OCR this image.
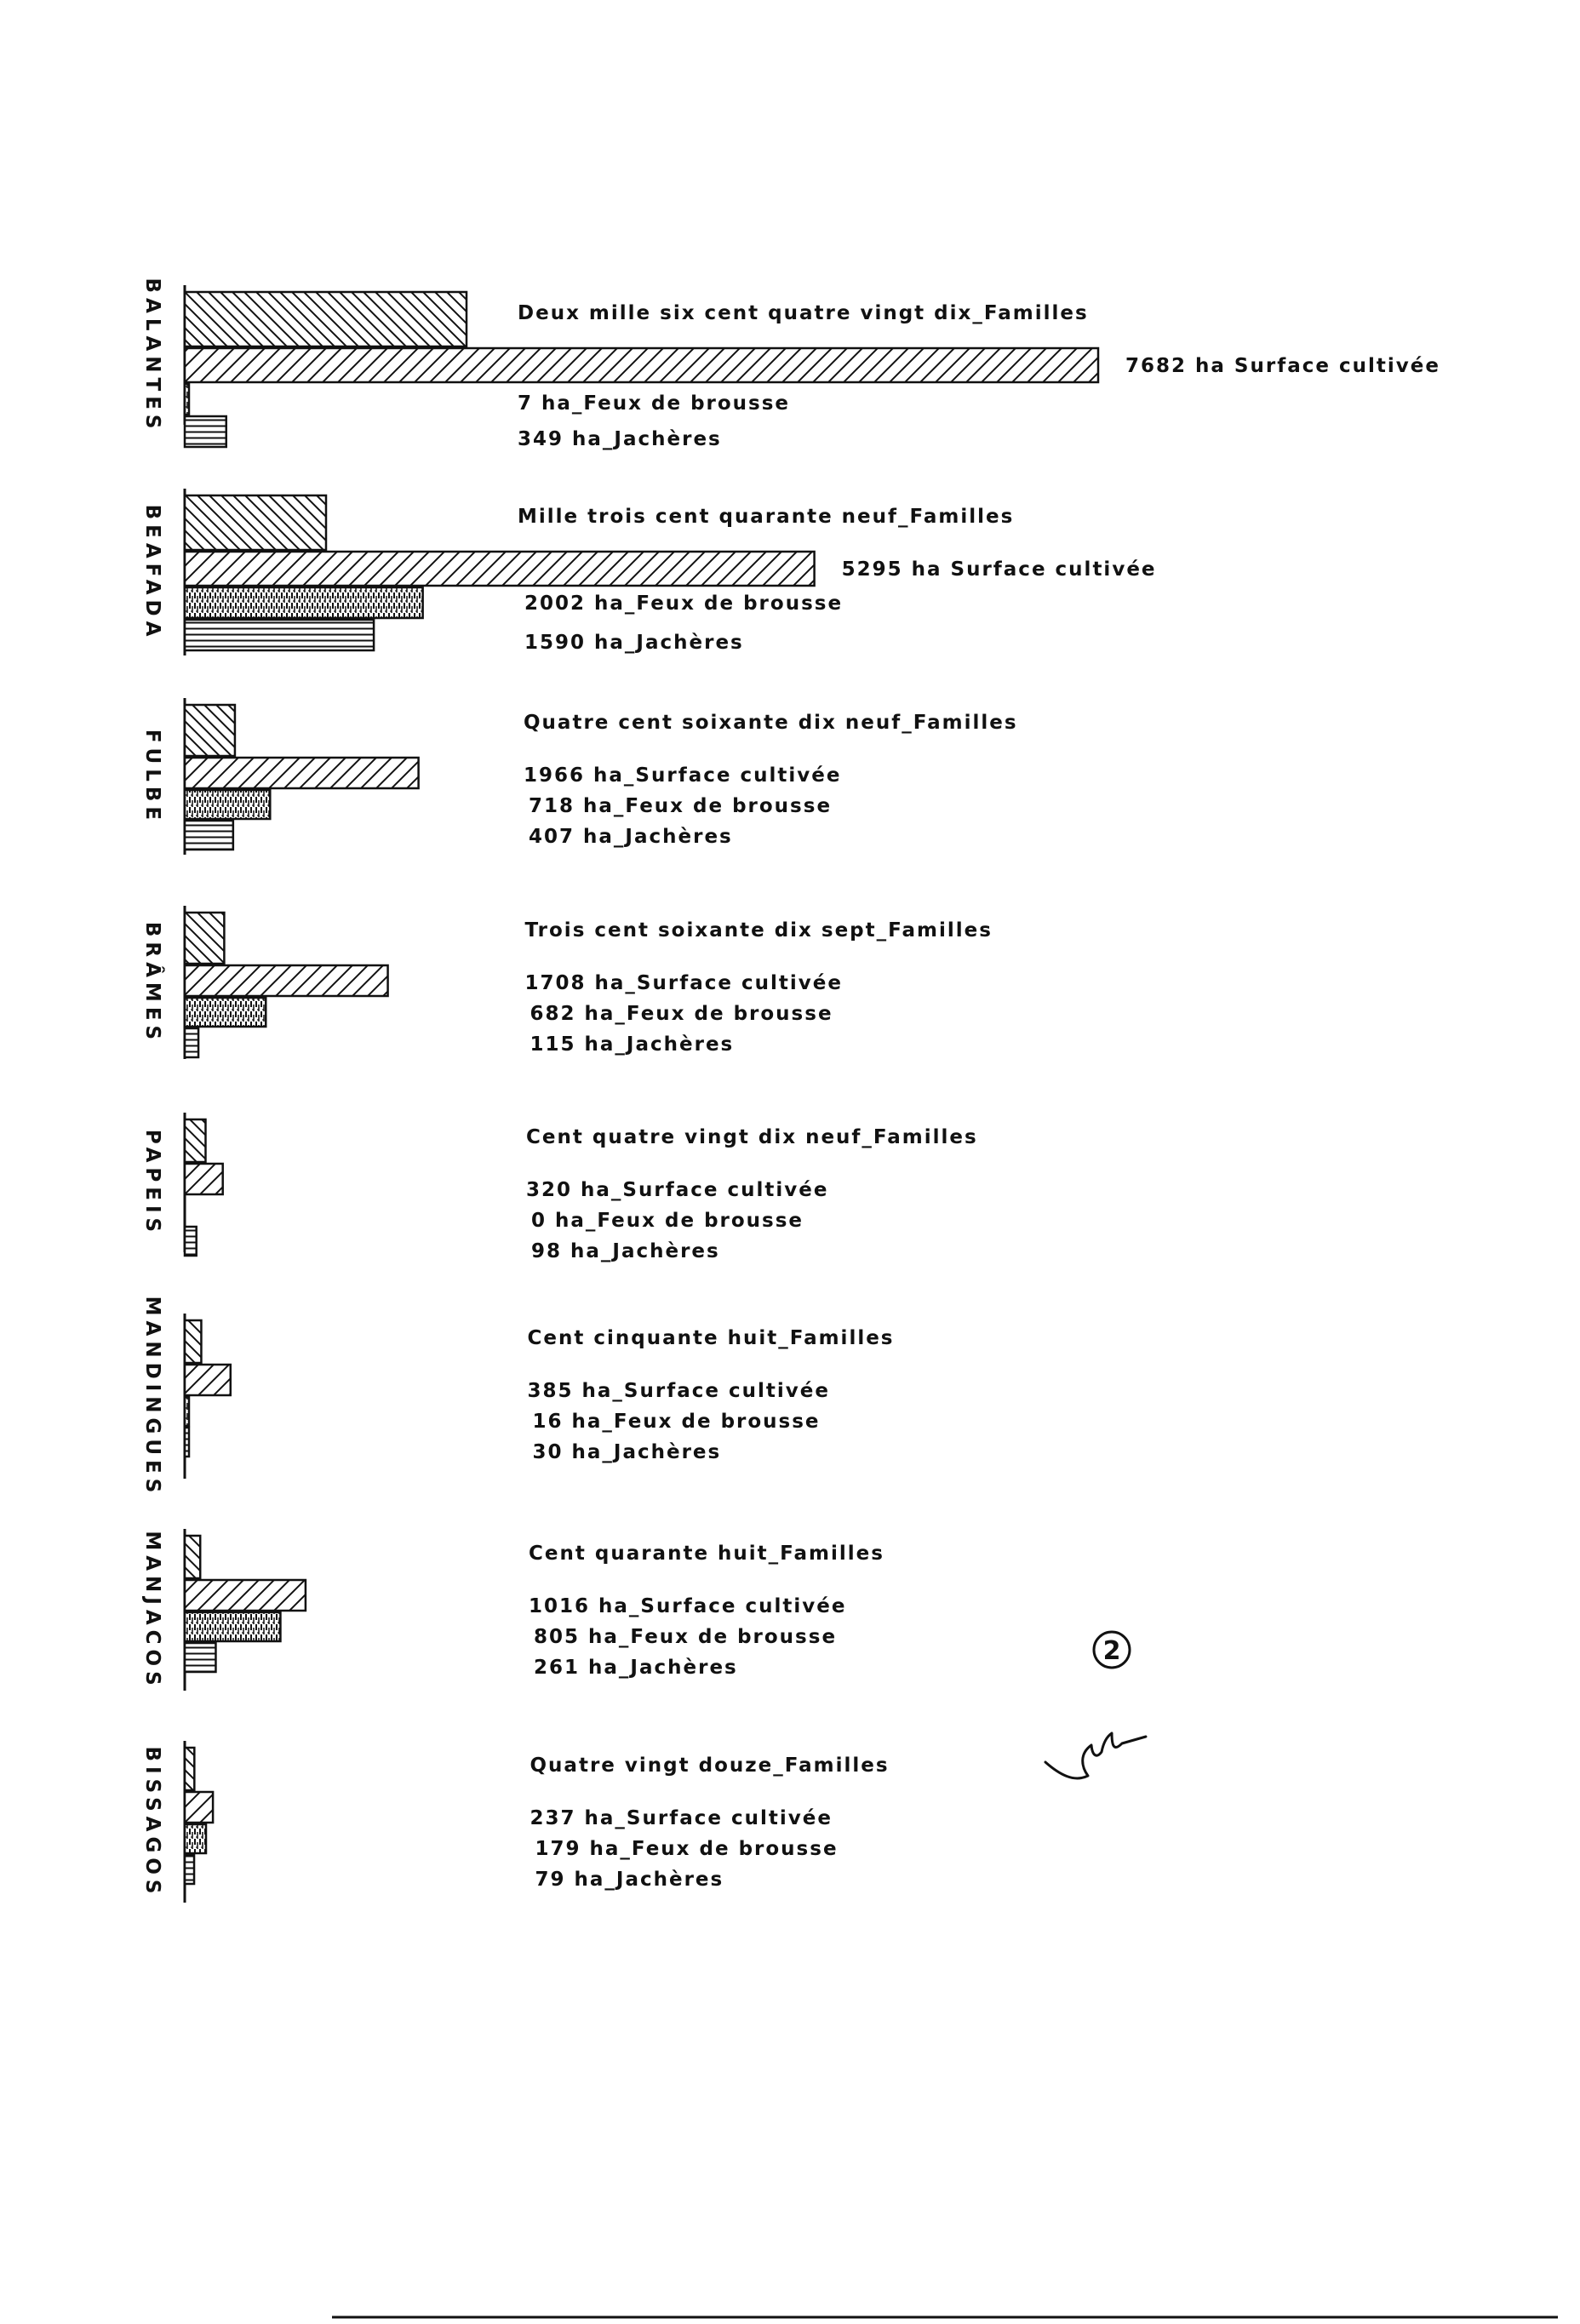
BALANTES	Deux mille six cent quatre vingt dix_Familles
7682 ha Surface cultivée
7 ha_Feux de brousse
349 ha_Jachères
BEAFADA	Mille trois cent quarante neuf_Familles
5295 ha Surface cultivée
2002 ha_Feux de brousse
1590 ha_Jachères
FULBE
Quatre cent soixante dix neuf_Familles
1966 ha_Surface cultivée
718 ha_Feux de brousse
407 ha_Jachères
BRÂMES	Trois cent soixante dix sept_Familles
1708 ha_Surface cultivée
682 ha_Feux de brousse
115 ha_Jachères
PAPEIS	Cent quatre vingt dix neuf_Familles
320 ha_Surface cultivée
0 ha_Feux de brousse
98 ha_Jachères
MANDINGUES	Cent cinquante huit_Familles
385 ha_Surface cultivée
16 ha_Feux de brousse
30 ha_Jachères
MANJACOS	Cent quarante huit_Familles
1016 ha_Surface cultivée
805 ha_Feux de brousse
261 ha_Jachères
BISSAGOS	Quatre vingt douze_Familles
237 ha_Surface cultivée
179 ha_Feux de brousse
79 ha_Jachères
2
